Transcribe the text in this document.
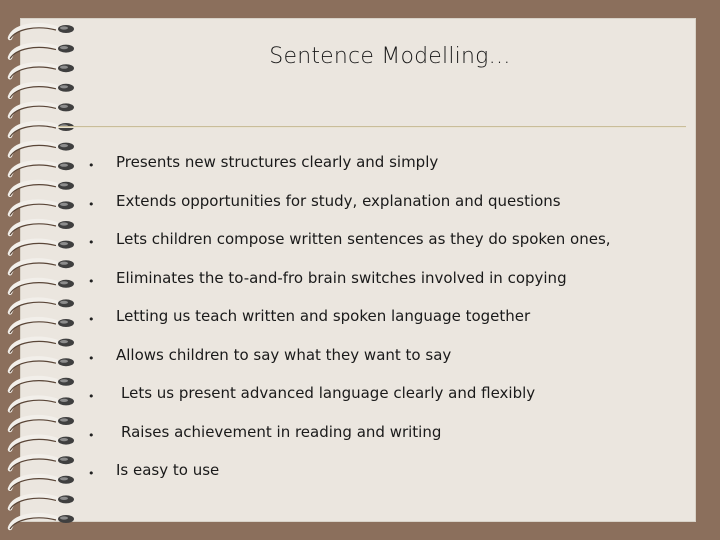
Sentence Modelling…
• Presents new structures clearly and simply
• Extends opportunities for study, explanation and questions
• Lets children compose written sentences as they do spoken ones,
• Eliminates the to-and-fro brain switches involved in copying
• Letting us teach written and spoken language together
• Allows children to say what they want to say
• Lets us present advanced language clearly and flexibly
• Raises achievement in reading and writing
• Is easy to use
